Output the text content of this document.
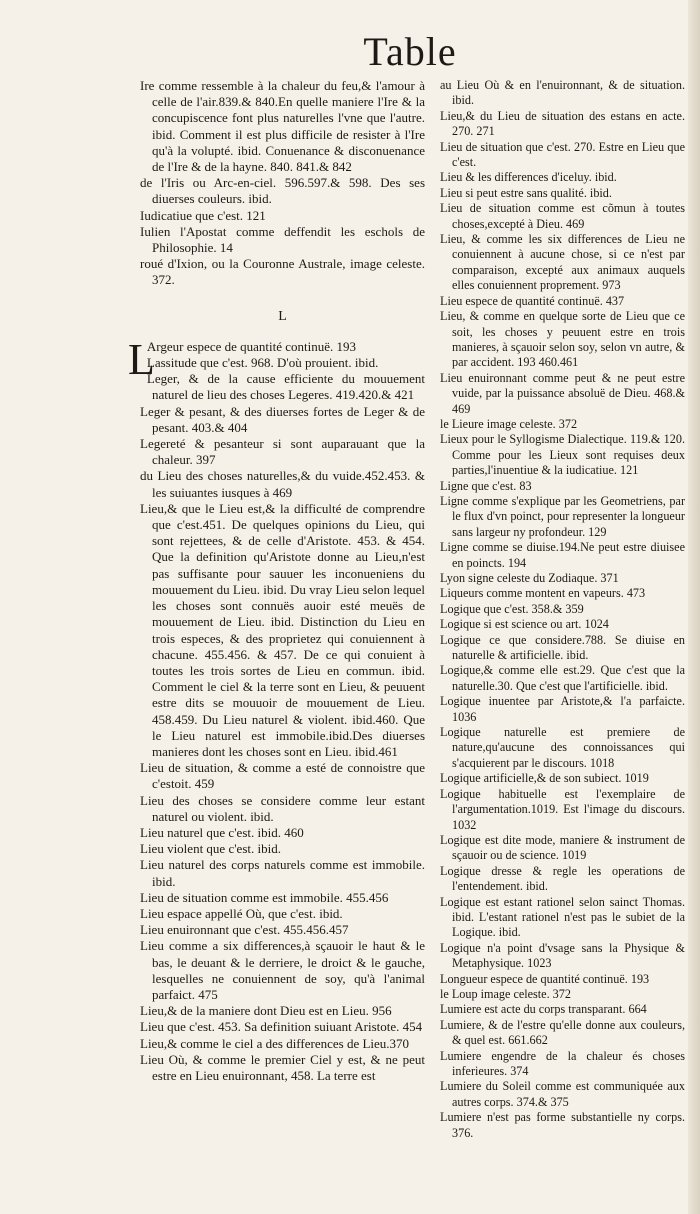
Table

Ire comme ressemble à la chaleur du feu,& l'amour à celle de l'air.839.& 840.En quelle maniere l'Ire & la concupiscence font plus naturelles l'vne que l'autre. ibid. Comment il est plus difficile de resister à l'Ire qu'à la volupté. ibid. Conuenance & disconuenance de l'Ire & de la hayne. 840. 841.& 842

de l'Iris ou Arc-en-ciel. 596.597.& 598. Des ses diuerses couleurs. ibid.

Iudicatiue que c'est. 121

Iulien l'Apostat comme deffendit les eschols de Philosophie. 14

roué d'Ixion, ou la Couronne Australe, image celeste. 372.

L

LArgeur espece de quantité continuë. 193

Lassitude que c'est. 968. D'où prouient. ibid.

Leger, & de la cause efficiente du mouuement naturel de lieu des choses Legeres. 419.420.& 421

Leger & pesant, & des diuerses fortes de Leger & de pesant. 403.& 404

Legereté & pesanteur si sont auparauant que la chaleur. 397

du Lieu des choses naturelles,& du vuide.452.453. & les suiuantes iusques à 469

Lieu,& que le Lieu est,& la difficulté de comprendre que c'est.451. De quelques opinions du Lieu, qui sont rejettees, & de celle d'Aristote. 453. & 454. Que la definition qu'Aristote donne au Lieu,n'est pas suffisante pour sauuer les inconueniens du mouuement du Lieu. ibid. Du vray Lieu selon lequel les choses sont connuës auoir esté meuës de mouuement de Lieu. ibid. Distinction du Lieu en trois especes, & des proprietez qui conuiennent à chacune. 455.456. & 457. De ce qui conuient à toutes les trois sortes de Lieu en commun. ibid. Comment le ciel & la terre sont en Lieu, & peuuent estre dits se mouuoir de mouuement de Lieu. 458.459. Du Lieu naturel & violent. ibid.460. Que le Lieu naturel est immobile.ibid.Des diuerses manieres dont les choses sont en Lieu. ibid.461

Lieu de situation, & comme a esté de connoistre que c'estoit. 459

Lieu des choses se considere comme leur estant naturel ou violent. ibid.

Lieu naturel que c'est. ibid. 460

Lieu violent que c'est. ibid.

Lieu naturel des corps naturels comme est immobile. ibid.

Lieu de situation comme est immobile. 455.456

Lieu espace appellé Où, que c'est. ibid.

Lieu enuironnant que c'est. 455.456.457

Lieu comme a six differences,à sçauoir le haut & le bas, le deuant & le derriere, le droict & le gauche, lesquelles ne conuiennent de soy, qu'à l'animal parfaict. 475

Lieu,& de la maniere dont Dieu est en Lieu. 956

Lieu que c'est. 453. Sa definition suiuant Aristote. 454

Lieu,& comme le ciel a des differences de Lieu.370

Lieu Où, & comme le premier Ciel y est, & ne peut estre en Lieu enuironnant, 458. La terre est

au Lieu Où & en l'enuironnant, & de situation. ibid.

Lieu,& du Lieu de situation des estans en acte. 270. 271

Lieu de situation que c'est. 270. Estre en Lieu que c'est.

Lieu & les differences d'iceluy. ibid.

Lieu si peut estre sans qualité. ibid.

Lieu de situation comme est cõmun à toutes choses,excepté à Dieu. 469

Lieu, & comme les six differences de Lieu ne conuiennent à aucune chose, si ce n'est par comparaison, excepté aux animaux auquels elles conuiennent proprement. 973

Lieu espece de quantité continuë. 437

Lieu, & comme en quelque sorte de Lieu que ce soit, les choses y peuuent estre en trois manieres, à sçauoir selon soy, selon vn autre, & par accident. 193 460.461

Lieu enuironnant comme peut & ne peut estre vuide, par la puissance absoluë de Dieu. 468.& 469

le Lieure image celeste. 372

Lieux pour le Syllogisme Dialectique. 119.& 120. Comme pour les Lieux sont requises deux parties,l'inuentiue & la iudicatiue. 121

Ligne que c'est. 83

Ligne comme s'explique par les Geometriens, par le flux d'vn poinct, pour representer la longueur sans largeur ny profondeur. 129

Ligne comme se diuise.194.Ne peut estre diuisee en poincts. 194

Lyon signe celeste du Zodiaque. 371

Liqueurs comme montent en vapeurs. 473

Logique que c'est. 358.& 359

Logique si est science ou art. 1024

Logique ce que considere.788. Se diuise en naturelle & artificielle. ibid.

Logique,& comme elle est.29. Que c'est que la naturelle.30. Que c'est que l'artificielle. ibid.

Logique inuentee par Aristote,& l'a parfaicte. 1036

Logique naturelle est premiere de nature,qu'aucune des connoissances qui s'acquierent par le discours. 1018

Logique artificielle,& de son subiect. 1019

Logique habituelle est l'exemplaire de l'argumentation.1019. Est l'image du discours. 1032

Logique est dite mode, maniere & instrument de sçauoir ou de science. 1019

Logique dresse & regle les operations de l'entendement. ibid.

Logique est estant rationel selon sainct Thomas. ibid. L'estant rationel n'est pas le subiet de la Logique. ibid.

Logique n'a point d'vsage sans la Physique & Metaphysique. 1023

Longueur espece de quantité continuë. 193

le Loup image celeste. 372

Lumiere est acte du corps transparant. 664

Lumiere, & de l'estre qu'elle donne aux couleurs, & quel est. 661.662

Lumiere engendre de la chaleur és choses inferieures. 374

Lumiere du Soleil comme est communiquée aux autres corps. 374.& 375

Lumiere n'est pas forme substantielle ny corps. 376.
